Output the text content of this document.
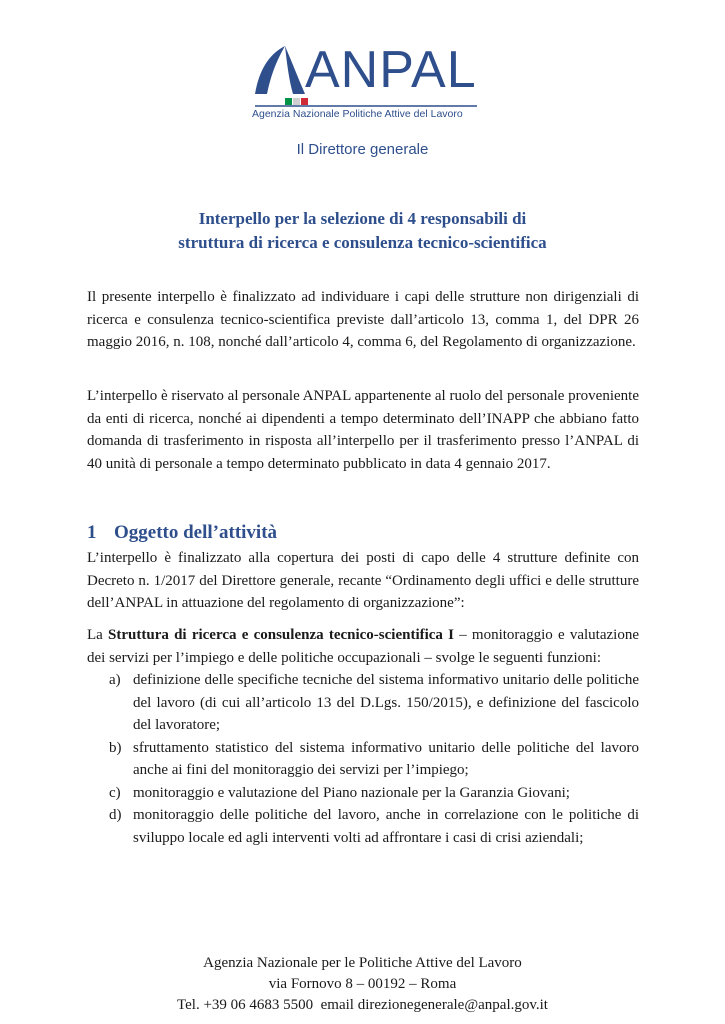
ANPAL
Agenzia Nazionale Politiche Attive del Lavoro
Il Direttore generale
Interpello per la selezione di 4 responsabili di
struttura di ricerca e consulenza tecnico-scientifica

Il presente interpello è finalizzato ad individuare i capi delle strutture non dirigenziali di ricerca e consulenza tecnico-scientifica previste dall’articolo 13, comma 1, del DPR 26 maggio 2016, n. 108, nonché dall’articolo 4, comma 6, del Regolamento di organizzazione.

L’interpello è riservato al personale ANPAL appartenente al ruolo del personale proveniente da enti di ricerca, nonché ai dipendenti a tempo determinato dell’INAPP che abbiano fatto domanda di trasferimento in risposta all’interpello per il trasferimento presso l’ANPAL di 40 unità di personale a tempo determinato pubblicato in data 4 gennaio 2017.

1 Oggetto dell’attività

L’interpello è finalizzato alla copertura dei posti di capo delle 4 strutture definite con Decreto n. 1/2017 del Direttore generale, recante “Ordinamento degli uffici e delle strutture dell’ANPAL in attuazione del regolamento di organizzazione”:

La Struttura di ricerca e consulenza tecnico-scientifica I – monitoraggio e valutazione dei servizi per l’impiego e delle politiche occupazionali – svolge le seguenti funzioni:

a) definizione delle specifiche tecniche del sistema informativo unitario delle politiche del lavoro (di cui all’articolo 13 del D.Lgs. 150/2015), e definizione del fascicolo del lavoratore;
b) sfruttamento statistico del sistema informativo unitario delle politiche del lavoro anche ai fini del monitoraggio dei servizi per l’impiego;
c) monitoraggio e valutazione del Piano nazionale per la Garanzia Giovani;
d) monitoraggio delle politiche del lavoro, anche in correlazione con le politiche di sviluppo locale ed agli interventi volti ad affrontare i casi di crisi aziendali;
Agenzia Nazionale per le Politiche Attive del Lavoro
via Fornovo 8 – 00192 – Roma
Tel. +39 06 4683 5500  email direzionegenerale@anpal.gov.it
